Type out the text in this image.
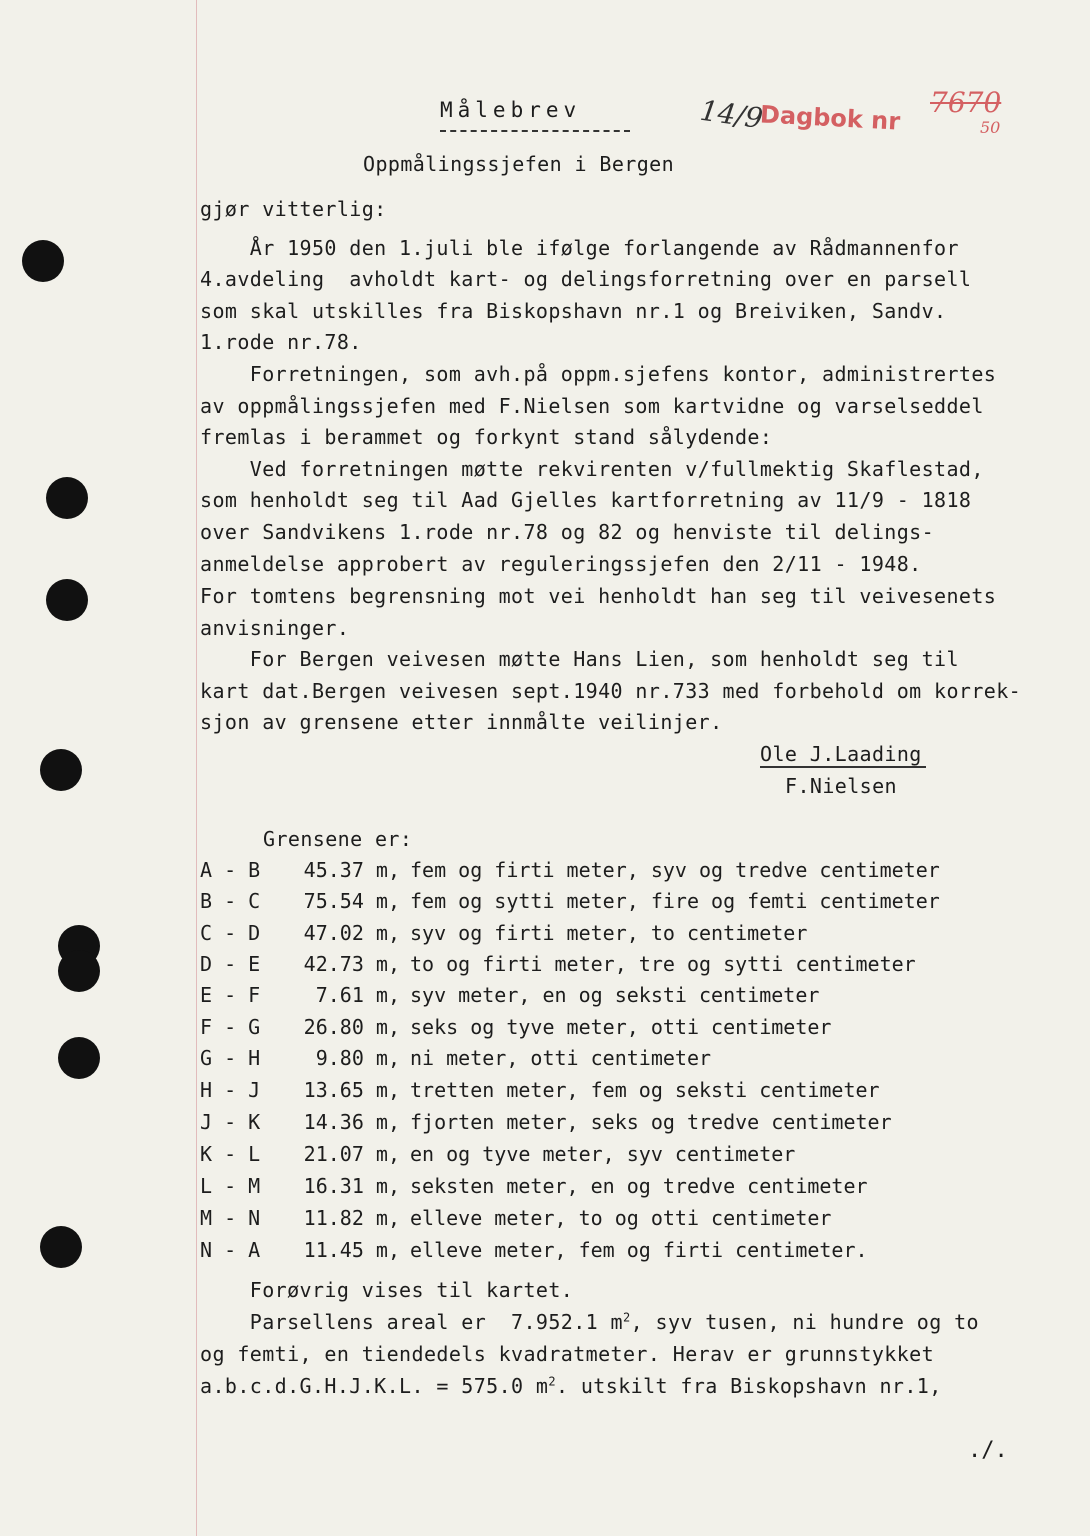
Målebrev	14/9
Dagbok nr 7670
50
Oppmålingssjefen i Bergen
gjør vitterlig:
År 1950 den 1.juli ble ifølge forlangende av Rådmannenfor
4.avdeling  avholdt kart- og delingsforretning over en parsell
som skal utskilles fra Biskopshavn nr.1 og Breiviken, Sandv.
1.rode nr.78.
Forretningen, som avh.på oppm.sjefens kontor, administrertes
av oppmålingssjefen med F.Nielsen som kartvidne og varselseddel
fremlas i berammet og forkynt stand sålydende:
Ved forretningen møtte rekvirenten v/fullmektig Skaflestad,
som henholdt seg til Aad Gjelles kartforretning av 11/9 - 1818
over Sandvikens 1.rode nr.78 og 82 og henviste til delings-
anmeldelse approbert av reguleringssjefen den 2/11 - 1948.
For tomtens begrensning mot vei henholdt han seg til veivesenets
anvisninger.
For Bergen veivesen møtte Hans Lien, som henholdt seg til
kart dat.Bergen veivesen sept.1940 nr.733 med forbehold om korrek-
sjon av grensene etter innmålte veilinjer.
Ole J.Laading
F.Nielsen
Grensene er:
A - B	45.37 m, fem og firti meter, syv og tredve centimeter
B - C	75.54 m, fem og sytti meter, fire og femti centimeter
C - D	47.02 m, syv og firti meter, to centimeter
D - E	42.73 m, to og firti meter, tre og sytti centimeter
E - F	7.61 m, syv meter, en og seksti centimeter
F - G	26.80 m, seks og tyve meter, otti centimeter
G - H	9.80 m, ni meter, otti centimeter
H - J	13.65 m, tretten meter, fem og seksti centimeter
J - K	14.36 m, fjorten meter, seks og tredve centimeter
K - L	21.07 m, en og tyve meter, syv centimeter
L - M	16.31 m, seksten meter, en og tredve centimeter
M - N	11.82 m, elleve meter, to og otti centimeter
N - A	11.45 m, elleve meter, fem og firti centimeter.
Forøvrig vises til kartet.
Parsellens areal er  7.952.1 $m^2$, syv tusen, ni hundre og to
og femti, en tiendedels kvadratmeter. Herav er grunnstykket
a.b.c.d.G.H.J.K.L. = 575.0 $m^2$. utskilt fra Biskopshavn nr.1,
./.
